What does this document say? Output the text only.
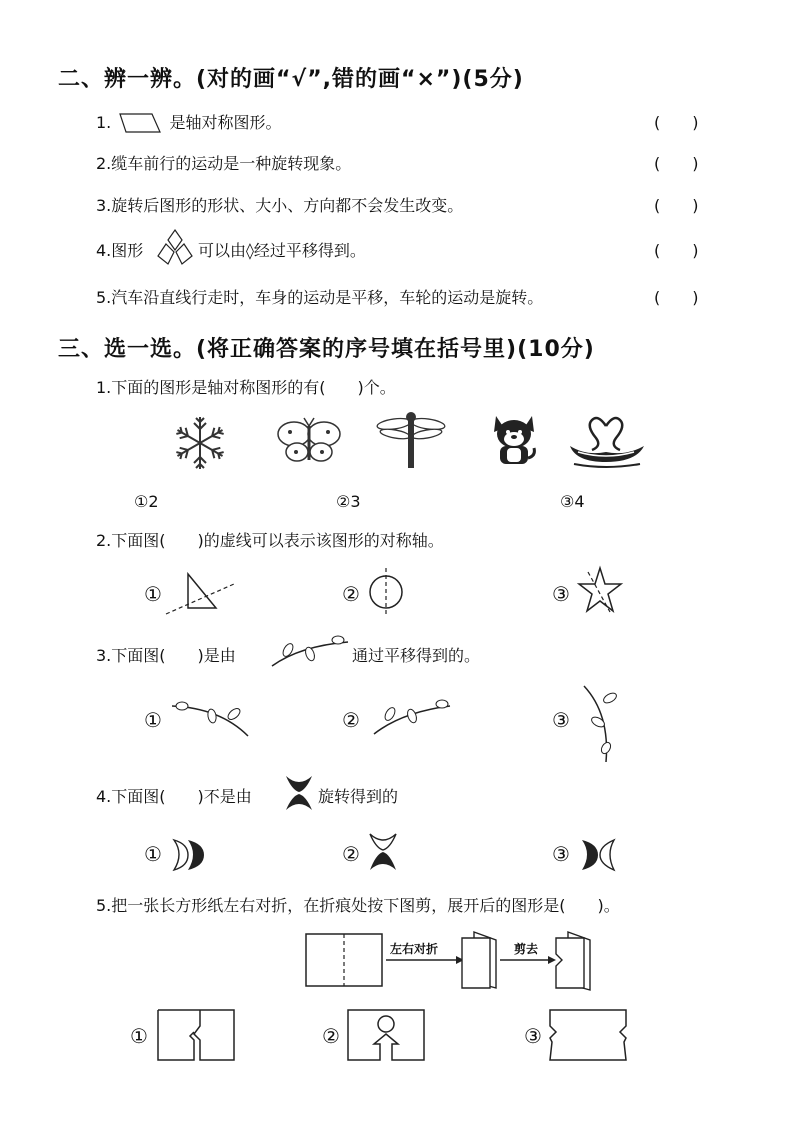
二、辨一辨。(对的画“√”,错的画“×”)(5分)
1.	是轴对称图形。	(　　)
2.缆车前行的运动是一种旋转现象。	(　　)
3.旋转后图形的形状、大小、方向都不会发生改变。	(　　)
4.图形	可以由◊经过平移得到。	(　　)
5.汽车沿直线行走时，车身的运动是平移，车轮的运动是旋转。	(　　)
三、选一选。(将正确答案的序号填在括号里)(10分)
1.下面的图形是轴对称图形的有(　　)个。
①2	②3	③4
2.下面图(　　)的虚线可以表示该图形的对称轴。
①	②	③
3.下面图(　　)是由	通过平移得到的。
①	②	③
4.下面图(　　)不是由	旋转得到的
①	②	③
5.把一张长方形纸左右对折，在折痕处按下图剪，展开后的图形是(　　)。
左右对折	剪去
①	②	③
